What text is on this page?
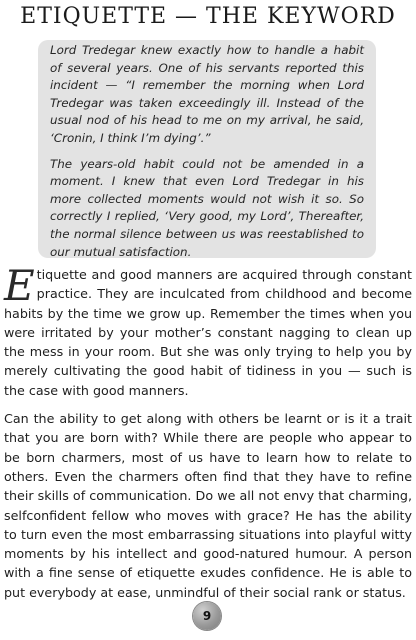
ETIQUETTE — THE KEYWORD

Lord Tredegar knew exactly how to handle a habit of several years. One of his servants reported this incident — “I remember the morning when Lord Tredegar was taken exceedingly ill. Instead of the usual nod of his head to me on my arrival, he said, ‘Cronin, I think I’m dying’.”

The years-old habit could not be amended in a moment. I knew that even Lord Tredegar in his more collected moments would not wish it so. So correctly I replied, ‘Very good, my Lord’, Thereafter, the normal silence between us was reestablished to our mutual satisfaction.

Etiquette and good manners are acquired through constant practice. They are inculcated from childhood and become habits by the time we grow up. Remember the times when you were irritated by your mother’s constant nagging to clean up the mess in your room. But she was only trying to help you by merely cultivating the good habit of tidiness in you — such is the case with good manners.

Can the ability to get along with others be learnt or is it a trait that you are born with? While there are people who appear to be born charmers, most of us have to learn how to relate to others. Even the charmers often find that they have to refine their skills of communication. Do we all not envy that charming, selfconfident fellow who moves with grace? He has the ability to turn even the most embarrassing situations into playful witty moments by his intellect and good-natured humour. A person with a fine sense of etiquette exudes confidence. He is able to put everybody at ease, unmindful of their social rank or status.

9
